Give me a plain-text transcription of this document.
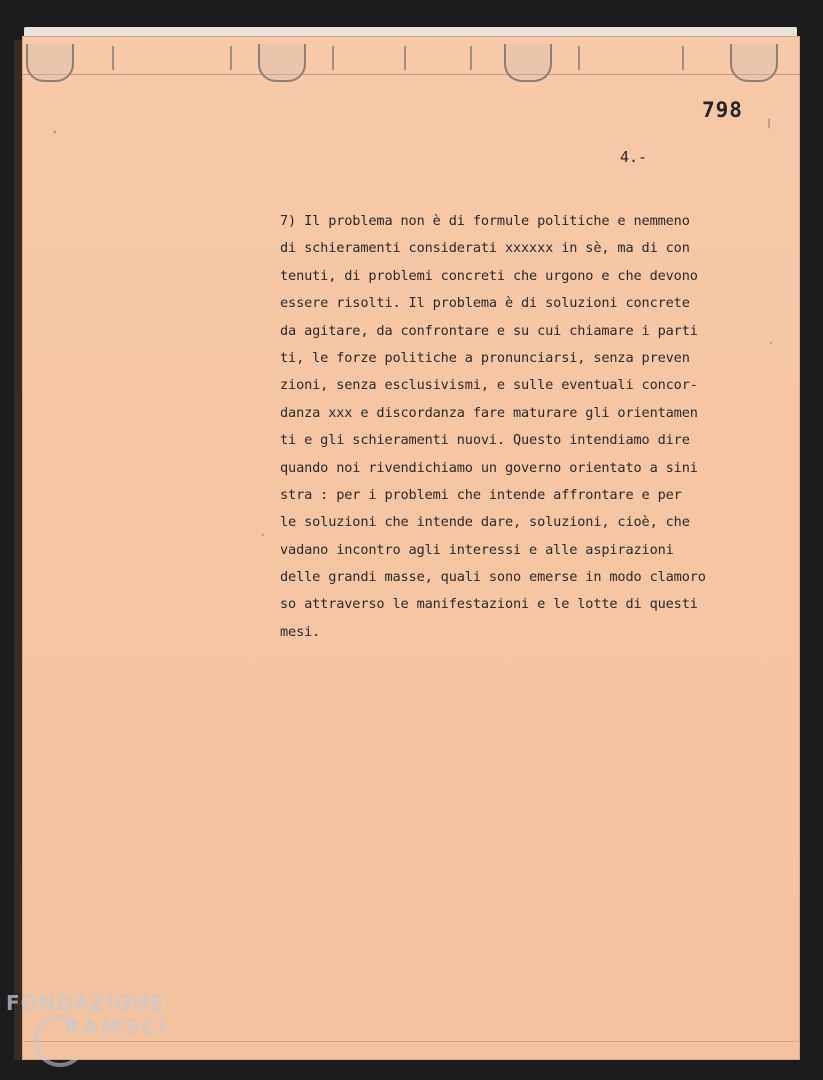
798
4.-
7) Il problema non è di formule politiche e nemmeno
di schieramenti considerati xxxxxx in sè, ma di con
tenuti, di problemi concreti che urgono e che devono
essere risolti. Il problema è di soluzioni concrete
da agitare, da confrontare e su cui chiamare i parti
ti, le forze politiche a pronunciarsi, senza preven
zioni, senza esclusivismi, e sulle eventuali concor-
danza xxx e discordanza fare maturare gli orientamen
ti e gli schieramenti nuovi. Questo intendiamo dire
quando noi rivendichiamo un governo orientato a sini
stra : per i problemi che intende affrontare e per
le soluzioni che intende dare, soluzioni, cioè, che
vadano incontro agli interessi e alle aspirazioni
delle grandi masse, quali sono emerse in modo clamoro
so attraverso le manifestazioni e le lotte di questi
mesi.
,
|
·
·
FONDAZIONE
RAMSCI
